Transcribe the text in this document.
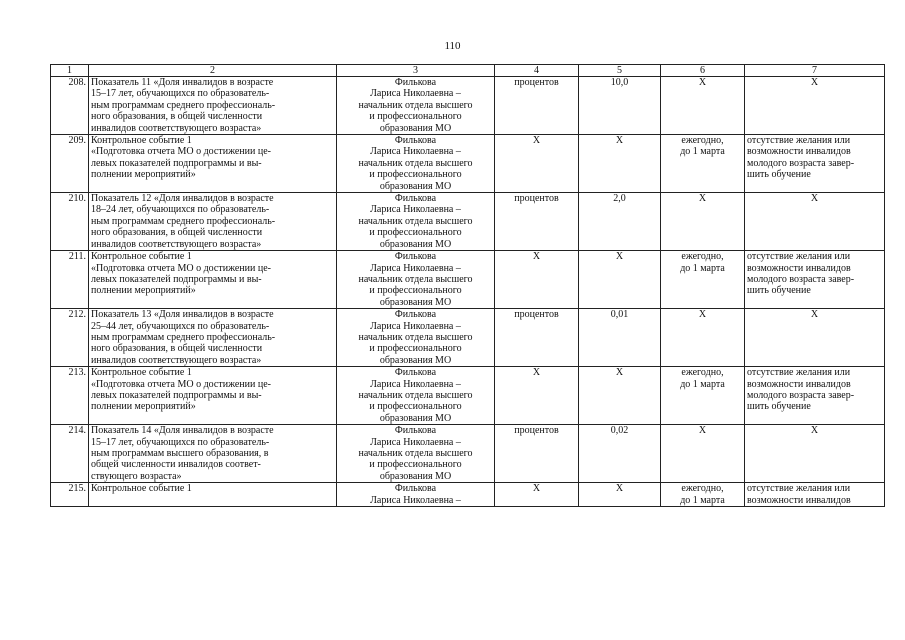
110
1	2	3	4	5	6	7
208.	Показатель 11 «Доля инвалидов в возрасте
15–17 лет, обучающихся по образователь-
ным программам среднего профессиональ-
ного образования, в общей численности
инвалидов соответствующего возраста»	Филькова
Лариса Николаевна –
начальник отдела высшего
и профессионального
образования МО	процентов	10,0	Х	Х
209.	Контрольное событие 1
«Подготовка отчета МО о достижении це-
левых показателей подпрограммы и вы-
полнении мероприятий»	Филькова
Лариса Николаевна –
начальник отдела высшего
и профессионального
образования МО	Х	Х	ежегодно,
до 1 марта	отсутствие желания или
возможности инвалидов
молодого возраста завер-
шить обучение
210.	Показатель 12 «Доля инвалидов в возрасте
18–24 лет, обучающихся по образователь-
ным программам среднего профессиональ-
ного образования, в общей численности
инвалидов соответствующего возраста»	Филькова
Лариса Николаевна –
начальник отдела высшего
и профессионального
образования МО	процентов	2,0	Х	Х
211.	Контрольное событие 1
«Подготовка отчета МО о достижении це-
левых показателей подпрограммы и вы-
полнении мероприятий»	Филькова
Лариса Николаевна –
начальник отдела высшего
и профессионального
образования МО	Х	Х	ежегодно,
до 1 марта	отсутствие желания или
возможности инвалидов
молодого возраста завер-
шить обучение
212.	Показатель 13 «Доля инвалидов в возрасте
25–44 лет, обучающихся по образователь-
ным программам среднего профессиональ-
ного образования, в общей численности
инвалидов соответствующего возраста»	Филькова
Лариса Николаевна –
начальник отдела высшего
и профессионального
образования МО	процентов	0,01	Х	Х
213.	Контрольное событие 1
«Подготовка отчета МО о достижении це-
левых показателей подпрограммы и вы-
полнении мероприятий»	Филькова
Лариса Николаевна –
начальник отдела высшего
и профессионального
образования МО	Х	Х	ежегодно,
до 1 марта	отсутствие желания или
возможности инвалидов
молодого возраста завер-
шить обучение
214.	Показатель 14 «Доля инвалидов в возрасте
15–17 лет, обучающихся по образователь-
ным программам высшего образования, в
общей численности инвалидов соответ-
ствующего возраста»	Филькова
Лариса Николаевна –
начальник отдела высшего
и профессионального
образования МО	процентов	0,02	Х	Х
215.	Контрольное событие 1	Филькова
Лариса Николаевна –	Х	Х	ежегодно,
до 1 марта	отсутствие желания или
возможности инвалидов
